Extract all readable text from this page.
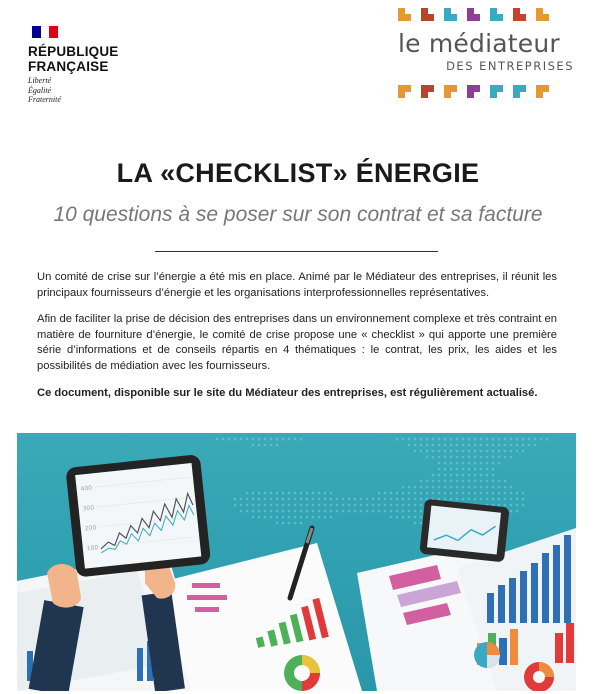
RÉPUBLIQUE
FRANÇAISE
Liberté
Égalité
Fraternité
le médiateur
DES ENTREPRISES
LA «CHECKLIST» ÉNERGIE
10 questions à se poser sur son contrat et sa facture

Un comité de crise sur l’énergie a été mis en place. Animé par le Médiateur des entreprises, il réunit les principaux fournisseurs d’énergie et les organisations interprofessionnelles représentatives.

Afin de faciliter la prise de décision des entreprises dans un environnement complexe et très contraint en matière de fourniture d’énergie, le comité de crise propose une « checklist » qui apporte une première série d’informations et de conseils répartis en 4 thématiques : le contrat, les prix, les aides et les possibilités de médiation avec les fournisseurs.

Ce document, disponible sur le site du Médiateur des entreprises, est régulièrement actualisé.

400
300
200
100
